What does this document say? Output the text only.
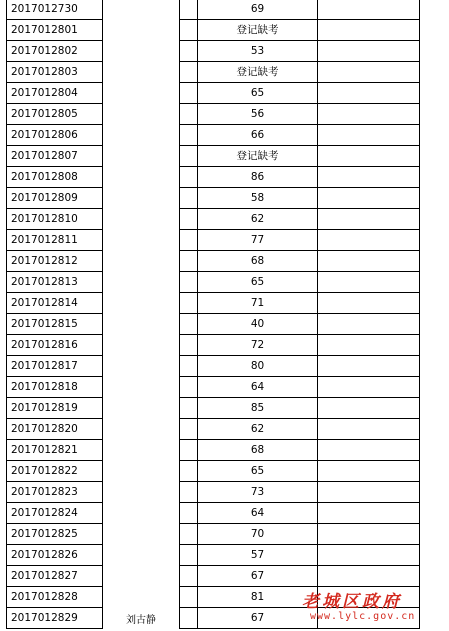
2017012730			69	
2017012801			登记缺考	
2017012802			53	
2017012803			登记缺考	
2017012804			65	
2017012805			56	
2017012806			66	
2017012807			登记缺考	
2017012808			86	
2017012809			58	
2017012810			62	
2017012811			77	
2017012812			68	
2017012813			65	
2017012814			71	
2017012815			40	
2017012816			72	
2017012817			80	
2017012818			64	
2017012819			85	
2017012820			62	
2017012821			68	
2017012822			65	
2017012823			73	
2017012824			64	
2017012825			70	
2017012826			57	
2017012827			67	
2017012828			81	
2017012829	刘古静		67	
老城区政府
www.lylc.gov.cn
